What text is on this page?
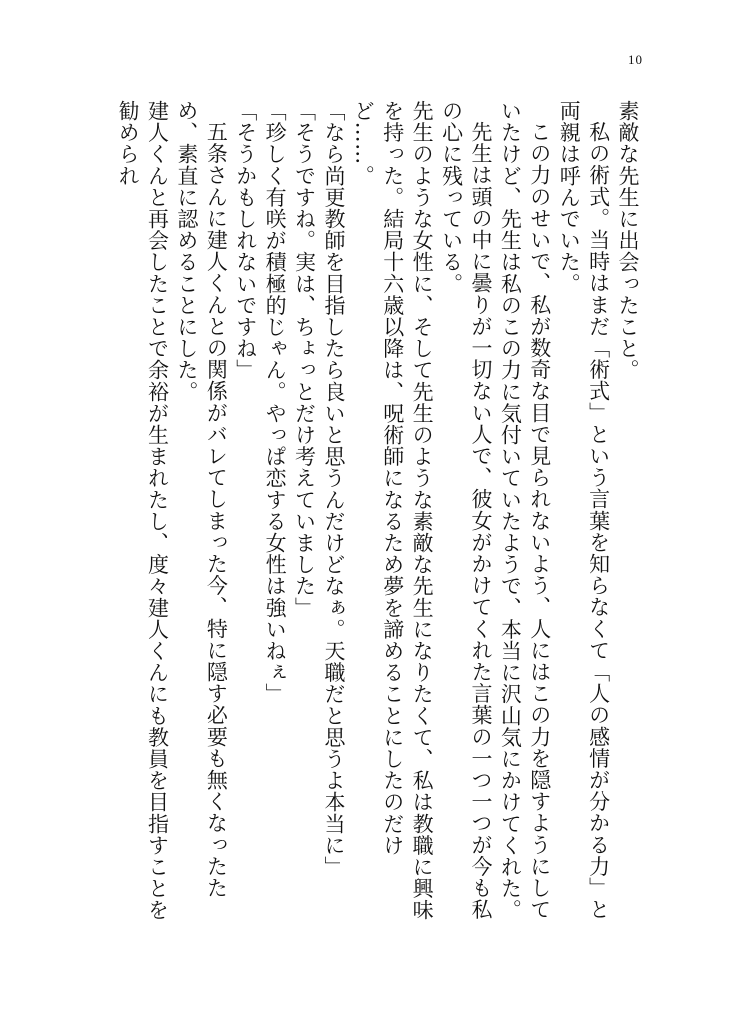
10

素敵な先生に出会ったこと。

私の術式。当時はまだ「術式」という言葉を知らなくて「人の感情が分かる力」と両親は呼んでいた。

この力のせいで、私が数奇な目で見られないよう、人にはこの力を隠すようにしていたけど、先生は私のこの力に気付いていたようで、本当に沢山気にかけてくれた。

先生は頭の中に曇りが一切ない人で、彼女がかけてくれた言葉の一つ一つが今も私の心に残っている。

先生のような女性に、そして先生のような素敵な先生になりたくて、私は教職に興味を持った。結局十六歳以降は、呪術師になるため夢を諦めることにしたのだけど……。

「なら尚更教師を目指したら良いと思うんだけどなぁ。天職だと思うよ本当に」

「そうですね。実は、ちょっとだけ考えていました」

「珍しく有咲が積極的じゃん。やっぱ恋する女性は強いねぇ」

「そうかもしれないですね」

五条さんに建人くんとの関係がバレてしまった今、特に隠す必要も無くなったため、素直に認めることにした。

建人くんと再会したことで余裕が生まれたし、度々建人くんにも教員を目指すことを勧められ
